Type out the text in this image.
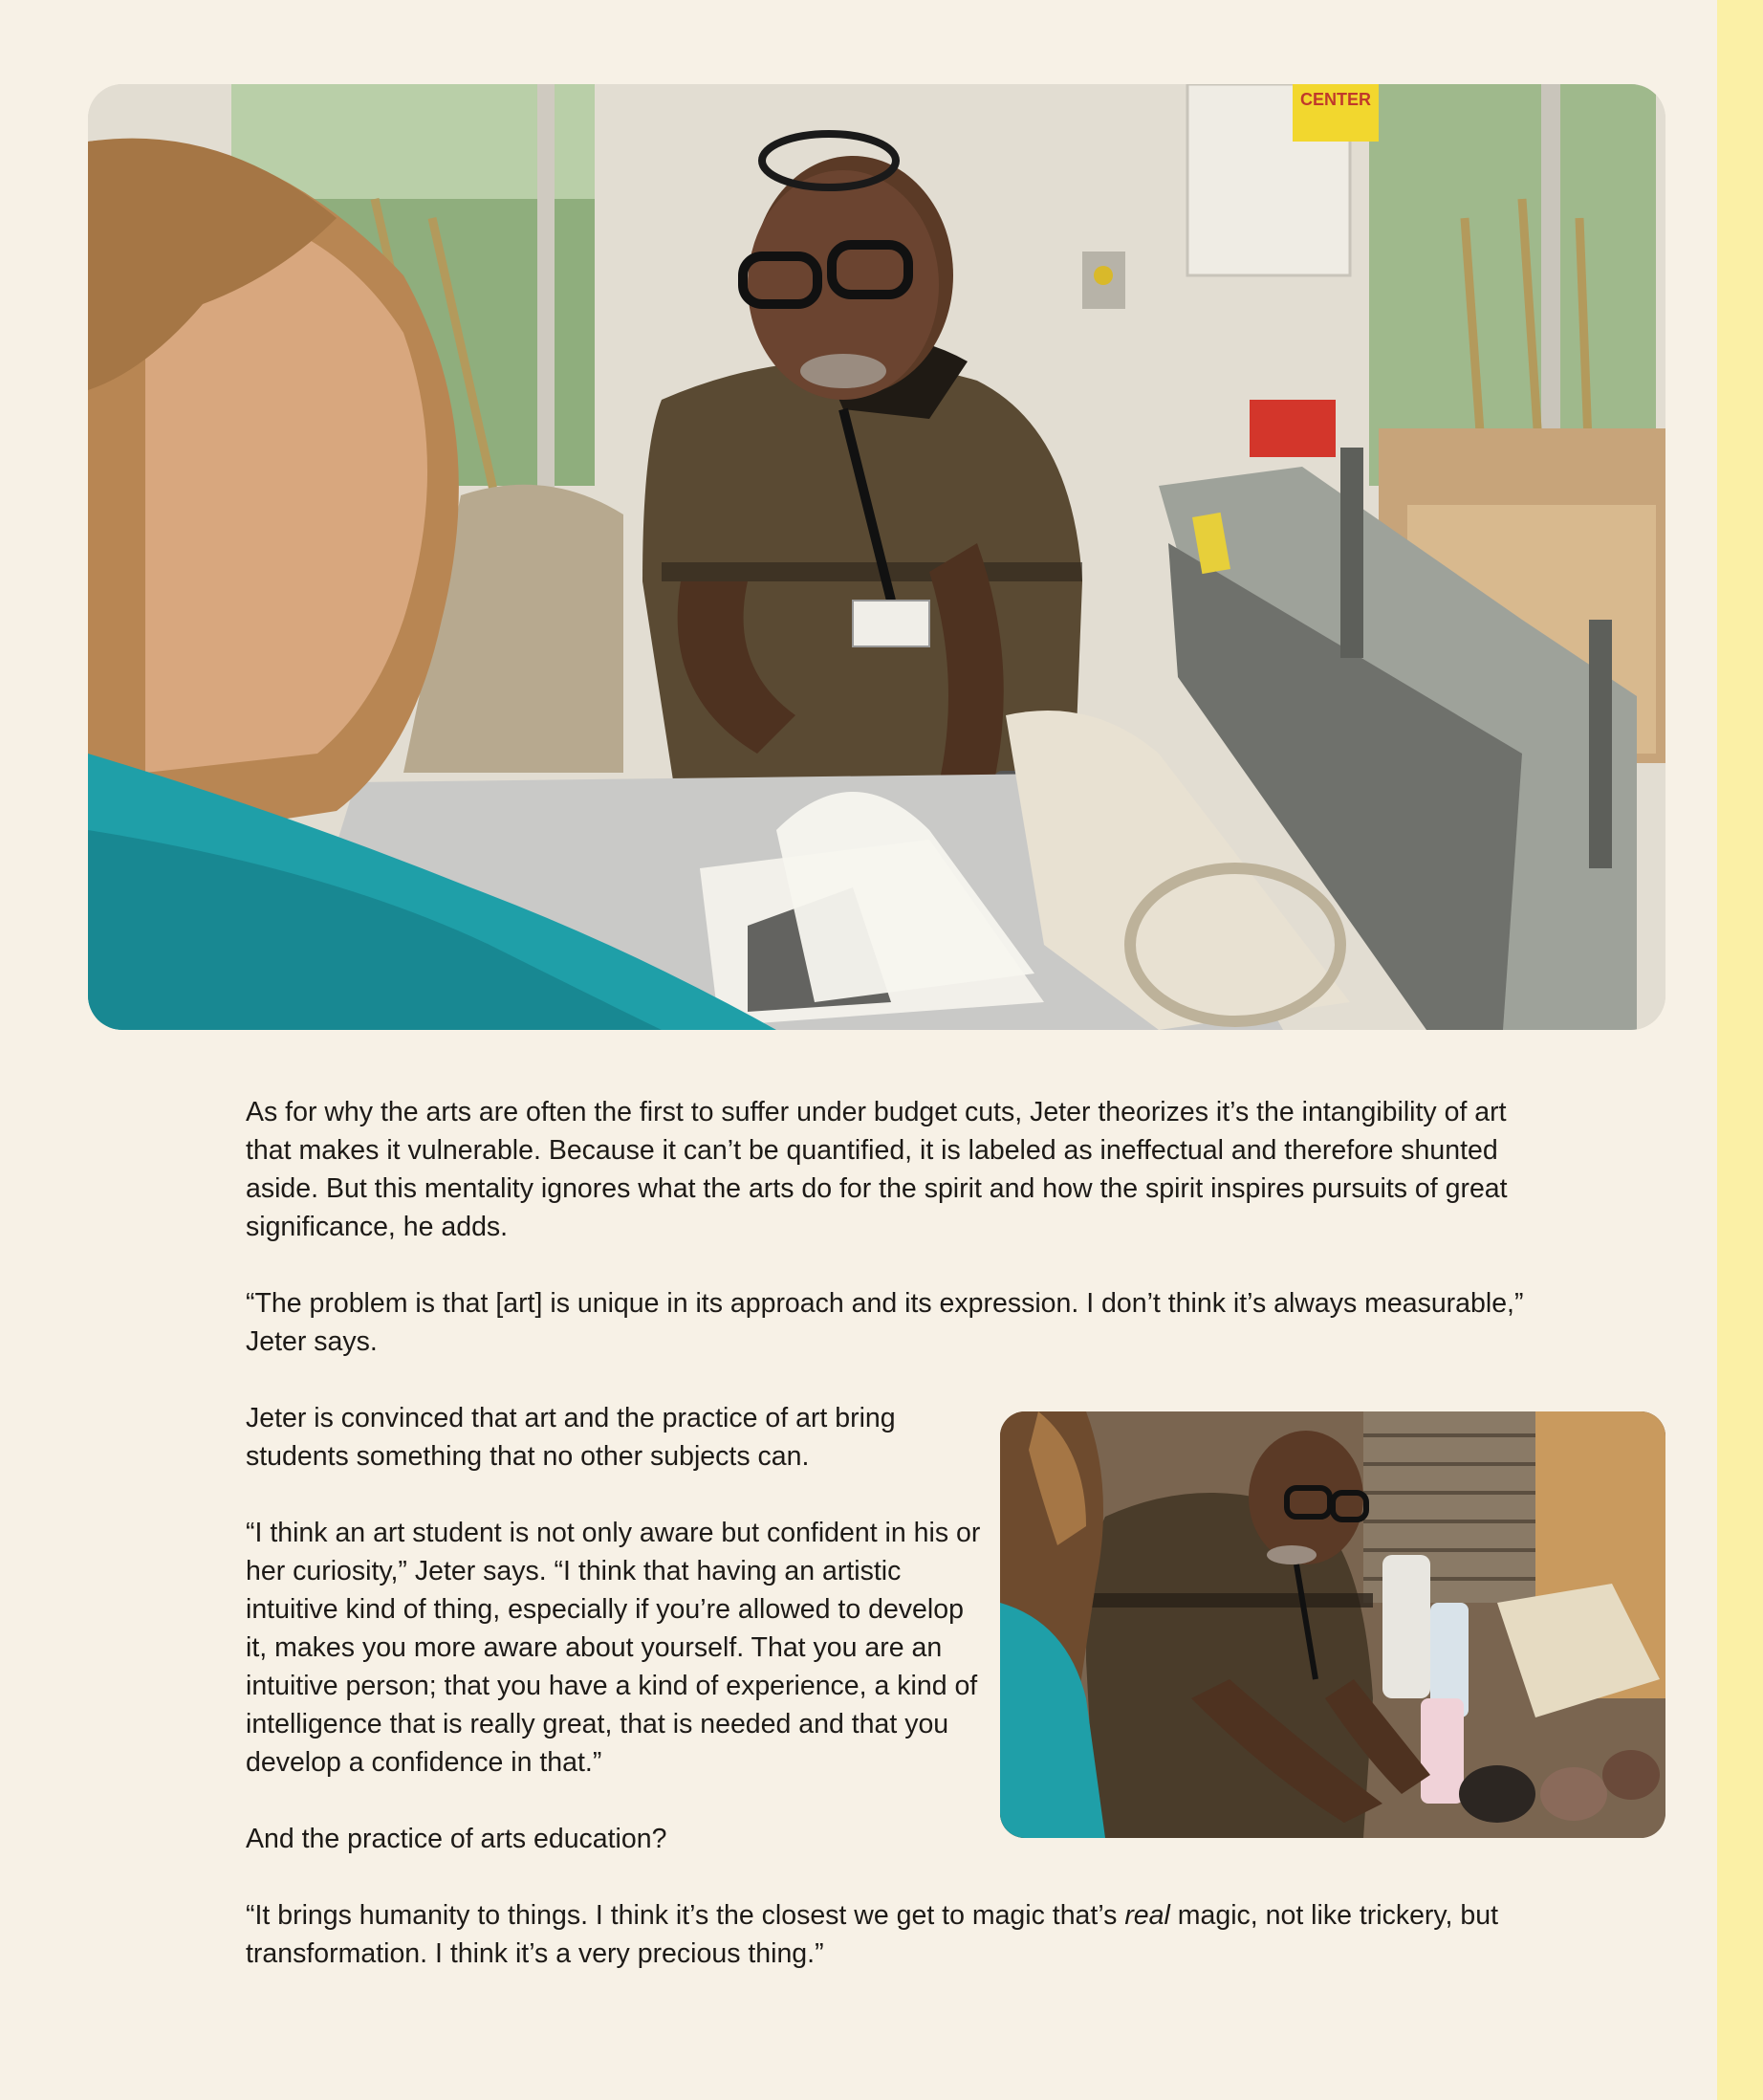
CENTER

As for why the arts are often the first to suffer under budget cuts, Jeter theorizes it’s the intangibility of art that makes it vulnerable. Because it can’t be quantified, it is labeled as ineffectual and therefore shunted aside. But this mentality ignores what the arts do for the spirit and how the spirit inspires pursuits of great significance, he adds.

“The problem is that [art] is unique in its approach and its expression. I don’t think it’s always measurable,” Jeter says.

Jeter is convinced that art and the practice of art bring students something that no other subjects can.

“I think an art student is not only aware but confident in his or her curiosity,” Jeter says. “I think that having an artistic intuitive kind of thing, especially if you’re allowed to develop it, makes you more aware about yourself. That you are an intuitive person; that you have a kind of experience, a kind of intelligence that is really great, that is needed and that you develop a confidence in that.”

And the practice of arts education?

“It brings humanity to things. I think it’s the closest we get to magic that’s real magic, not like trickery, but transformation. I think it’s a very precious thing.”
